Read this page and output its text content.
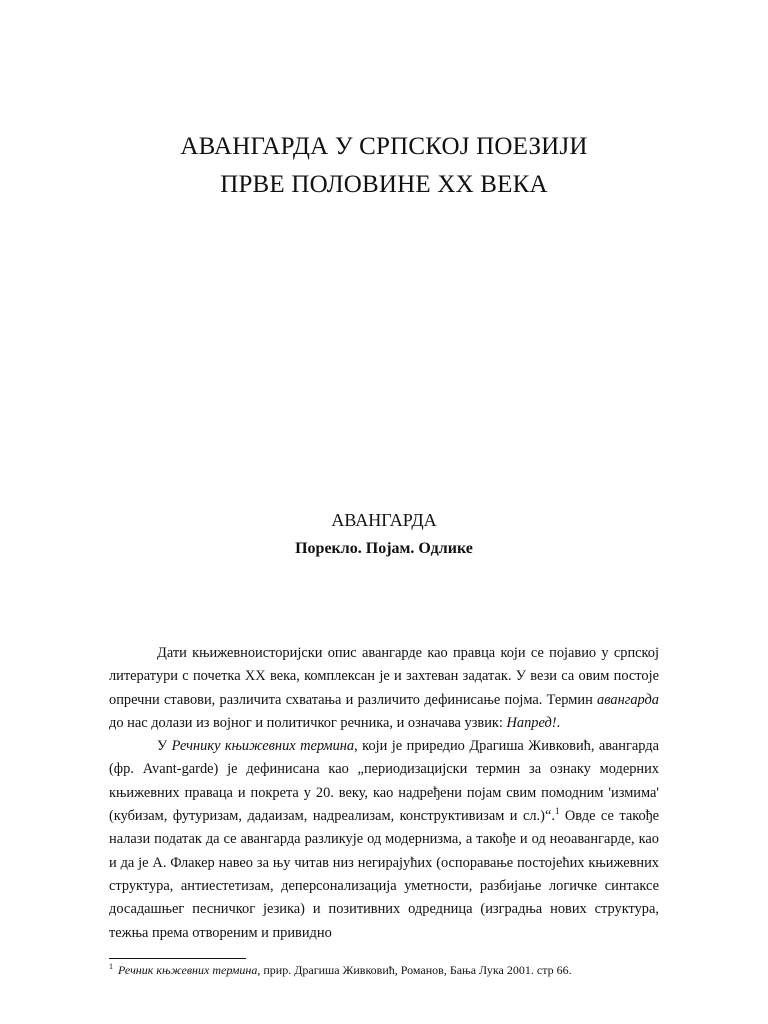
АВАНГАРДА У СРПСКОЈ ПОЕЗИЈИ
ПРВЕ ПОЛОВИНЕ XX ВЕКА
АВАНГАРДА
Порекло. Појам. Одлике

Дати књижевноисторијски опис авангарде као правца који се појавио у српској литератури с почетка XX века, комплексан је и захтеван задатак. У вези са овим постоје опречни ставови, различита схватања и различито дефинисање појма. Термин авангарда до нас долази из војног и политичког речника, и означава узвик: Напред!.

У Речнику књижевних термина, који је приредио Драгиша Живковић, авангарда (фр. Avant-garde) је дефинисана као „периодизацијски термин за ознаку модерних књижевних праваца и покрета у 20. веку, као надређени појам свим помодним 'измима' (кубизам, футуризам, дадаизам, надреализам, конструктивизам и сл.)“.$^1$ Овде се такође налази податак да се авангарда разликује од модернизма, а такође и од неоавангарде, као и да је А. Флакер навео за њу читав низ негирајућих (оспоравање постојећих књижевних структура, антиестетизам, деперсонализација уметности, разбијање логичке синтаксе досадашњег песничког језика) и позитивних одредница (изградња нових структура, тежња према отвореним и привидно

$^1$ Речник књжевних термина, прир. Драгиша Живковић, Романов, Бања Лука 2001. стр 66.
